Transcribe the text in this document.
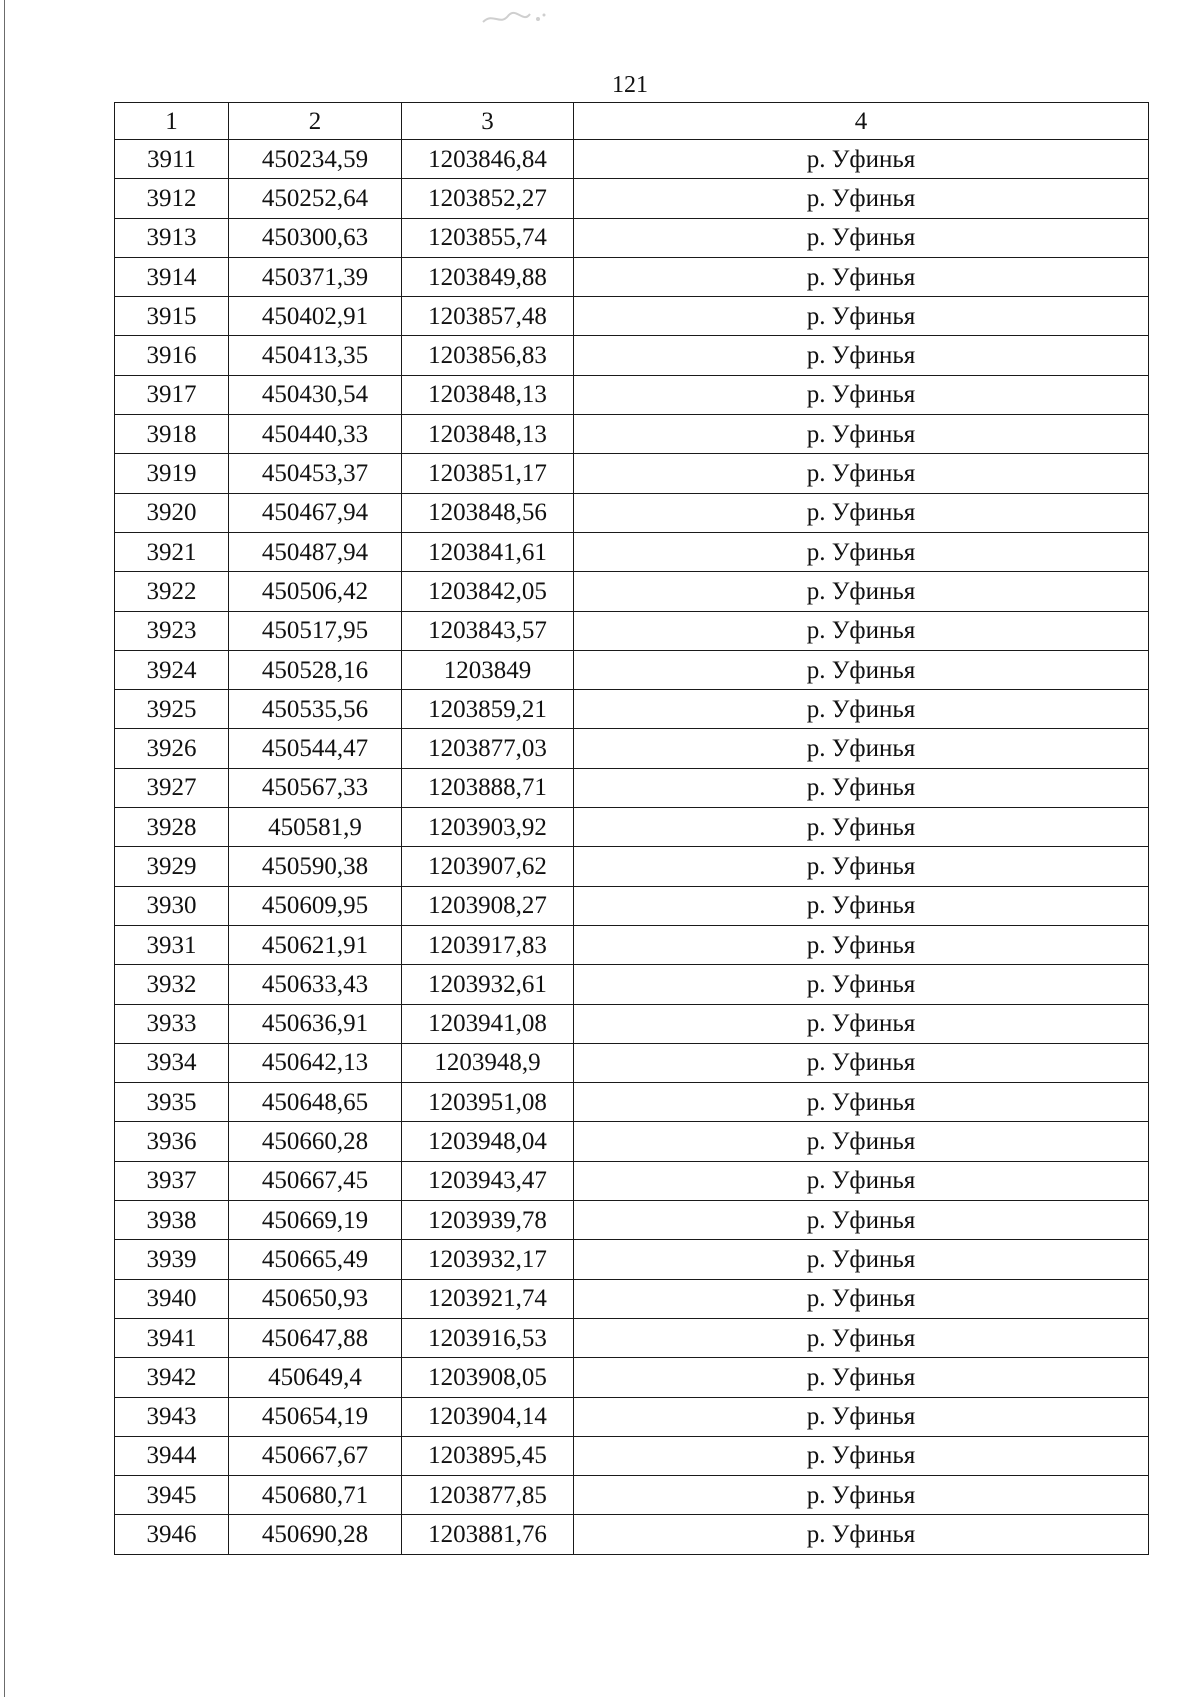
121
1	2	3	4
3911	450234,59	1203846,84	р. Уфинья
3912	450252,64	1203852,27	р. Уфинья
3913	450300,63	1203855,74	р. Уфинья
3914	450371,39	1203849,88	р. Уфинья
3915	450402,91	1203857,48	р. Уфинья
3916	450413,35	1203856,83	р. Уфинья
3917	450430,54	1203848,13	р. Уфинья
3918	450440,33	1203848,13	р. Уфинья
3919	450453,37	1203851,17	р. Уфинья
3920	450467,94	1203848,56	р. Уфинья
3921	450487,94	1203841,61	р. Уфинья
3922	450506,42	1203842,05	р. Уфинья
3923	450517,95	1203843,57	р. Уфинья
3924	450528,16	1203849	р. Уфинья
3925	450535,56	1203859,21	р. Уфинья
3926	450544,47	1203877,03	р. Уфинья
3927	450567,33	1203888,71	р. Уфинья
3928	450581,9	1203903,92	р. Уфинья
3929	450590,38	1203907,62	р. Уфинья
3930	450609,95	1203908,27	р. Уфинья
3931	450621,91	1203917,83	р. Уфинья
3932	450633,43	1203932,61	р. Уфинья
3933	450636,91	1203941,08	р. Уфинья
3934	450642,13	1203948,9	р. Уфинья
3935	450648,65	1203951,08	р. Уфинья
3936	450660,28	1203948,04	р. Уфинья
3937	450667,45	1203943,47	р. Уфинья
3938	450669,19	1203939,78	р. Уфинья
3939	450665,49	1203932,17	р. Уфинья
3940	450650,93	1203921,74	р. Уфинья
3941	450647,88	1203916,53	р. Уфинья
3942	450649,4	1203908,05	р. Уфинья
3943	450654,19	1203904,14	р. Уфинья
3944	450667,67	1203895,45	р. Уфинья
3945	450680,71	1203877,85	р. Уфинья
3946	450690,28	1203881,76	р. Уфинья
